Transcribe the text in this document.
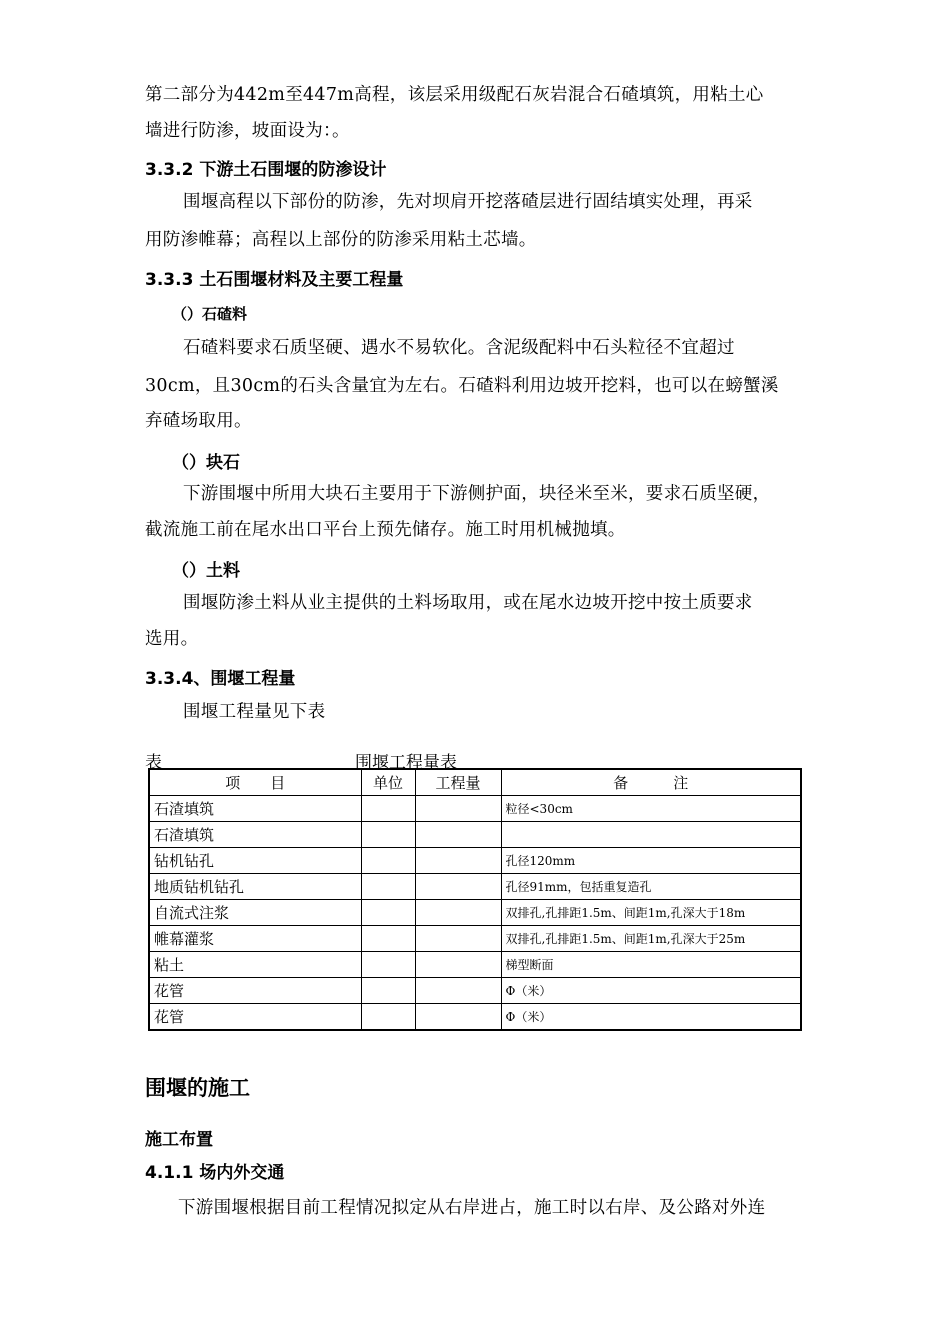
第二部分为442m至447m高程，该层采用级配石灰岩混合石碴填筑，用粘土心
墙进行防渗，坡面设为：。
3.3.2 下游土石围堰的防渗设计
围堰高程以下部份的防渗，先对坝肩开挖落碴层进行固结填实处理，再采
用防渗帷幕；高程以上部份的防渗采用粘土芯墙。
3.3.3 土石围堰材料及主要工程量
（）石碴料
石碴料要求石质坚硬、遇水不易软化。含泥级配料中石头粒径不宜超过
30cm，且30cm的石头含量宜为左右。石碴料利用边坡开挖料，也可以在螃蟹溪
弃碴场取用。
（）块石
下游围堰中所用大块石主要用于下游侧护面，块径米至米，要求石质坚硬，
截流施工前在尾水出口平台上预先储存。施工时用机械抛填。
（）土料
围堰防渗土料从业主提供的土料场取用，或在尾水边坡开挖中按土质要求
选用。
3.3.4、围堰工程量
围堰工程量见下表
表	围堰工程量表
项　　目	单位	工程量	备　　　注
石渣填筑			粒径<30cm
石渣填筑			
钻机钻孔			孔径120mm
地质钻机钻孔			孔径91mm，包括重复造孔
自流式注浆			双排孔,孔排距1.5m、间距1m,孔深大于18m
帷幕灌浆			双排孔,孔排距1.5m、间距1m,孔深大于25m
粘土			梯型断面
花管			Φ（米）
花管			Φ（米）
围堰的施工
施工布置
4.1.1 场内外交通
下游围堰根据目前工程情况拟定从右岸进占，施工时以右岸、及公路对外连
